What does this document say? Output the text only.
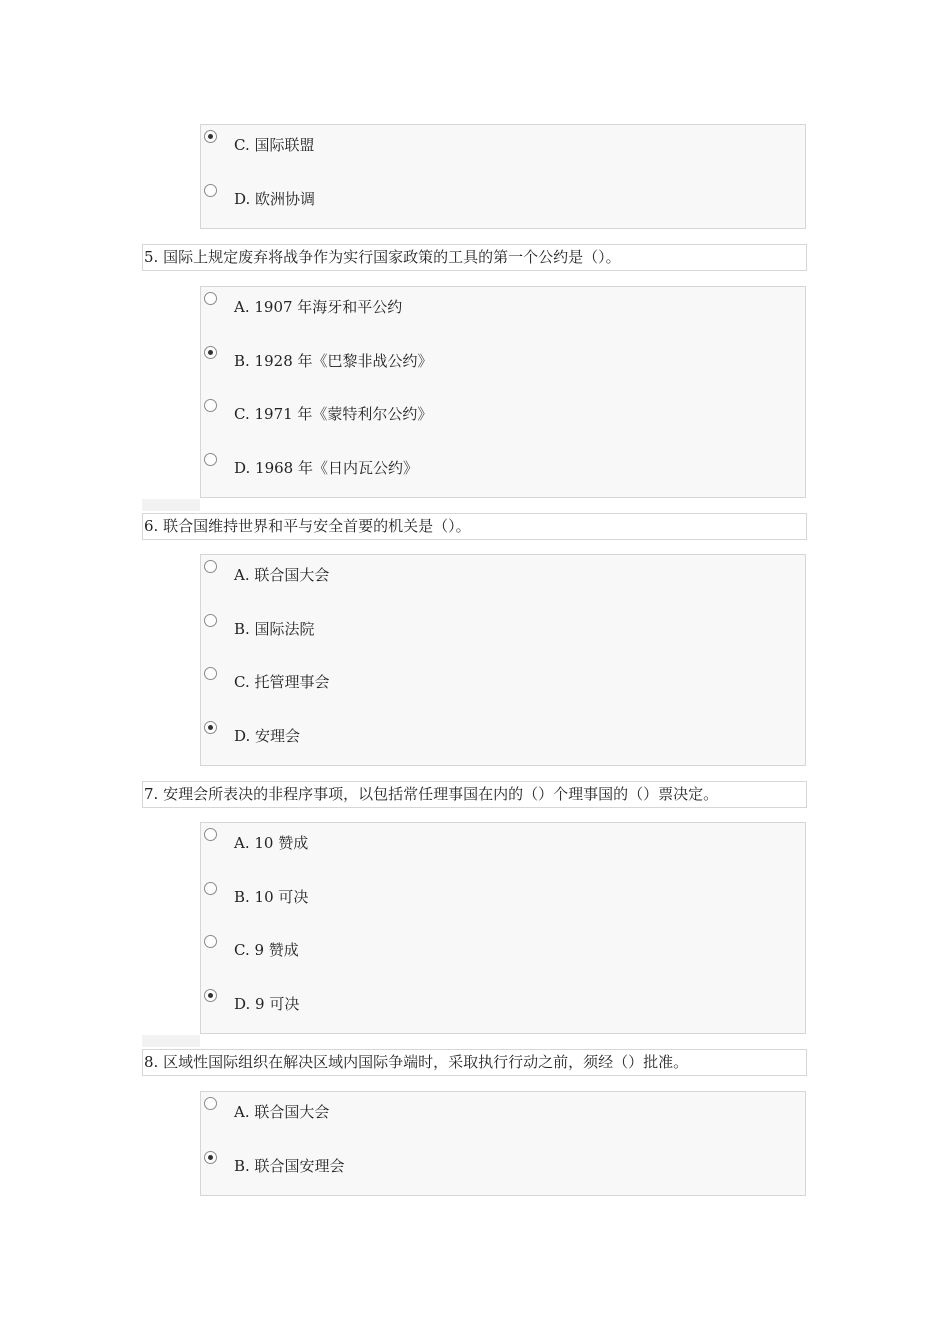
C. 国际联盟
D. 欧洲协调
5. 国际上规定废弃将战争作为实行国家政策的工具的第一个公约是（）。
A. 1907 年海牙和平公约
B. 1928 年《巴黎非战公约》
C. 1971 年《蒙特利尔公约》
D. 1968 年《日内瓦公约》
6. 联合国维持世界和平与安全首要的机关是（）。
A. 联合国大会
B. 国际法院
C. 托管理事会
D. 安理会
7. 安理会所表决的非程序事项，以包括常任理事国在内的（）个理事国的（）票决定。
A. 10 赞成
B. 10 可决
C. 9 赞成
D. 9 可决
8. 区域性国际组织在解决区域内国际争端时，采取执行行动之前，须经（）批准。
A. 联合国大会
B. 联合国安理会
